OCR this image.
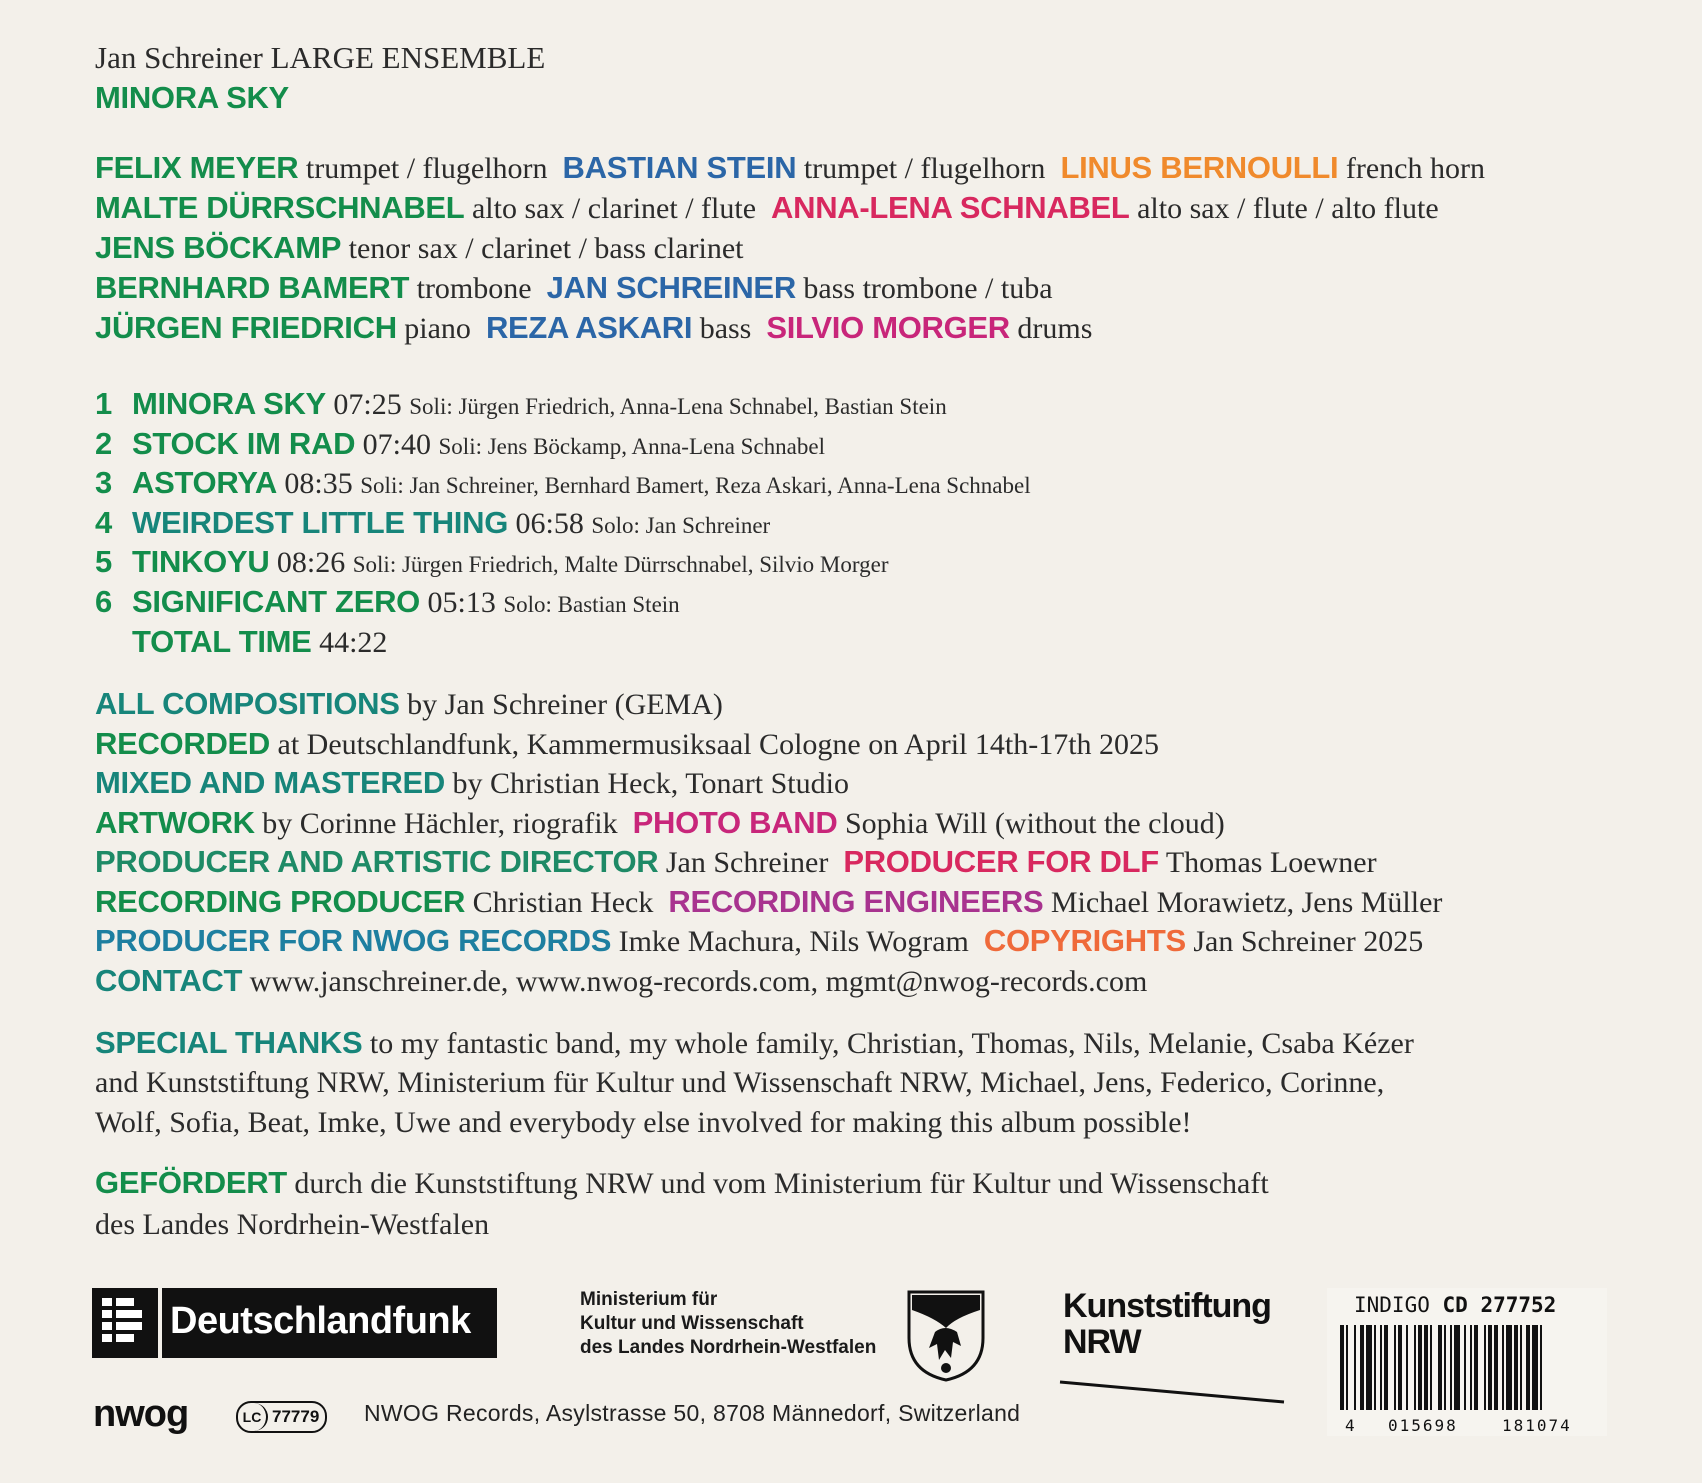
Jan Schreiner LARGE ENSEMBLE
MINORA SKY
FELIX MEYER trumpet / flugelhorn BASTIAN STEIN trumpet / flugelhorn LINUS BERNOULLI french horn
MALTE DÜRRSCHNABEL alto sax / clarinet / flute ANNA-LENA SCHNABEL alto sax / flute / alto flute
JENS BÖCKAMP tenor sax / clarinet / bass clarinet
BERNHARD BAMERT trombone JAN SCHREINER bass trombone / tuba
JÜRGEN FRIEDRICH piano REZA ASKARI bass SILVIO MORGER drums
1 MINORA SKY 07:25 Soli: Jürgen Friedrich, Anna-Lena Schnabel, Bastian Stein
2 STOCK IM RAD 07:40 Soli: Jens Böckamp, Anna-Lena Schnabel
3 ASTORYA 08:35 Soli: Jan Schreiner, Bernhard Bamert, Reza Askari, Anna-Lena Schnabel
4 WEIRDEST LITTLE THING 06:58 Solo: Jan Schreiner
5 TINKOYU 08:26 Soli: Jürgen Friedrich, Malte Dürrschnabel, Silvio Morger
6 SIGNIFICANT ZERO 05:13 Solo: Bastian Stein
TOTAL TIME 44:22
ALL COMPOSITIONS by Jan Schreiner (GEMA)
RECORDED at Deutschlandfunk, Kammermusiksaal Cologne on April 14th-17th 2025
MIXED AND MASTERED by Christian Heck, Tonart Studio
ARTWORK by Corinne Hächler, riografik PHOTO BAND Sophia Will (without the cloud)
PRODUCER AND ARTISTIC DIRECTOR Jan Schreiner PRODUCER FOR DLF Thomas Loewner
RECORDING PRODUCER Christian Heck RECORDING ENGINEERS Michael Morawietz, Jens Müller
PRODUCER FOR NWOG RECORDS Imke Machura, Nils Wogram COPYRIGHTS Jan Schreiner 2025
CONTACT www.janschreiner.de, www.nwog-records.com, mgmt@nwog-records.com
SPECIAL THANKS to my fantastic band, my whole family, Christian, Thomas, Nils, Melanie, Csaba Kézer
and Kunststiftung NRW, Ministerium für Kultur und Wissenschaft NRW, Michael, Jens, Federico, Corinne,
Wolf, Sofia, Beat, Imke, Uwe and everybody else involved for making this album possible!
GEFÖRDERT durch die Kunststiftung NRW und vom Ministerium für Kultur und Wissenschaft
des Landes Nordrhein-Westfalen
Deutschlandfunk
Ministerium für
Kultur und Wissenschaft
des Landes Nordrhein-Westfalen
Kunststiftung
NRW
INDIGO CD 277752
4 015698	181074
nwog	LC 77779 NWOG Records, Asylstrasse 50, 8708 Männedorf, Switzerland
